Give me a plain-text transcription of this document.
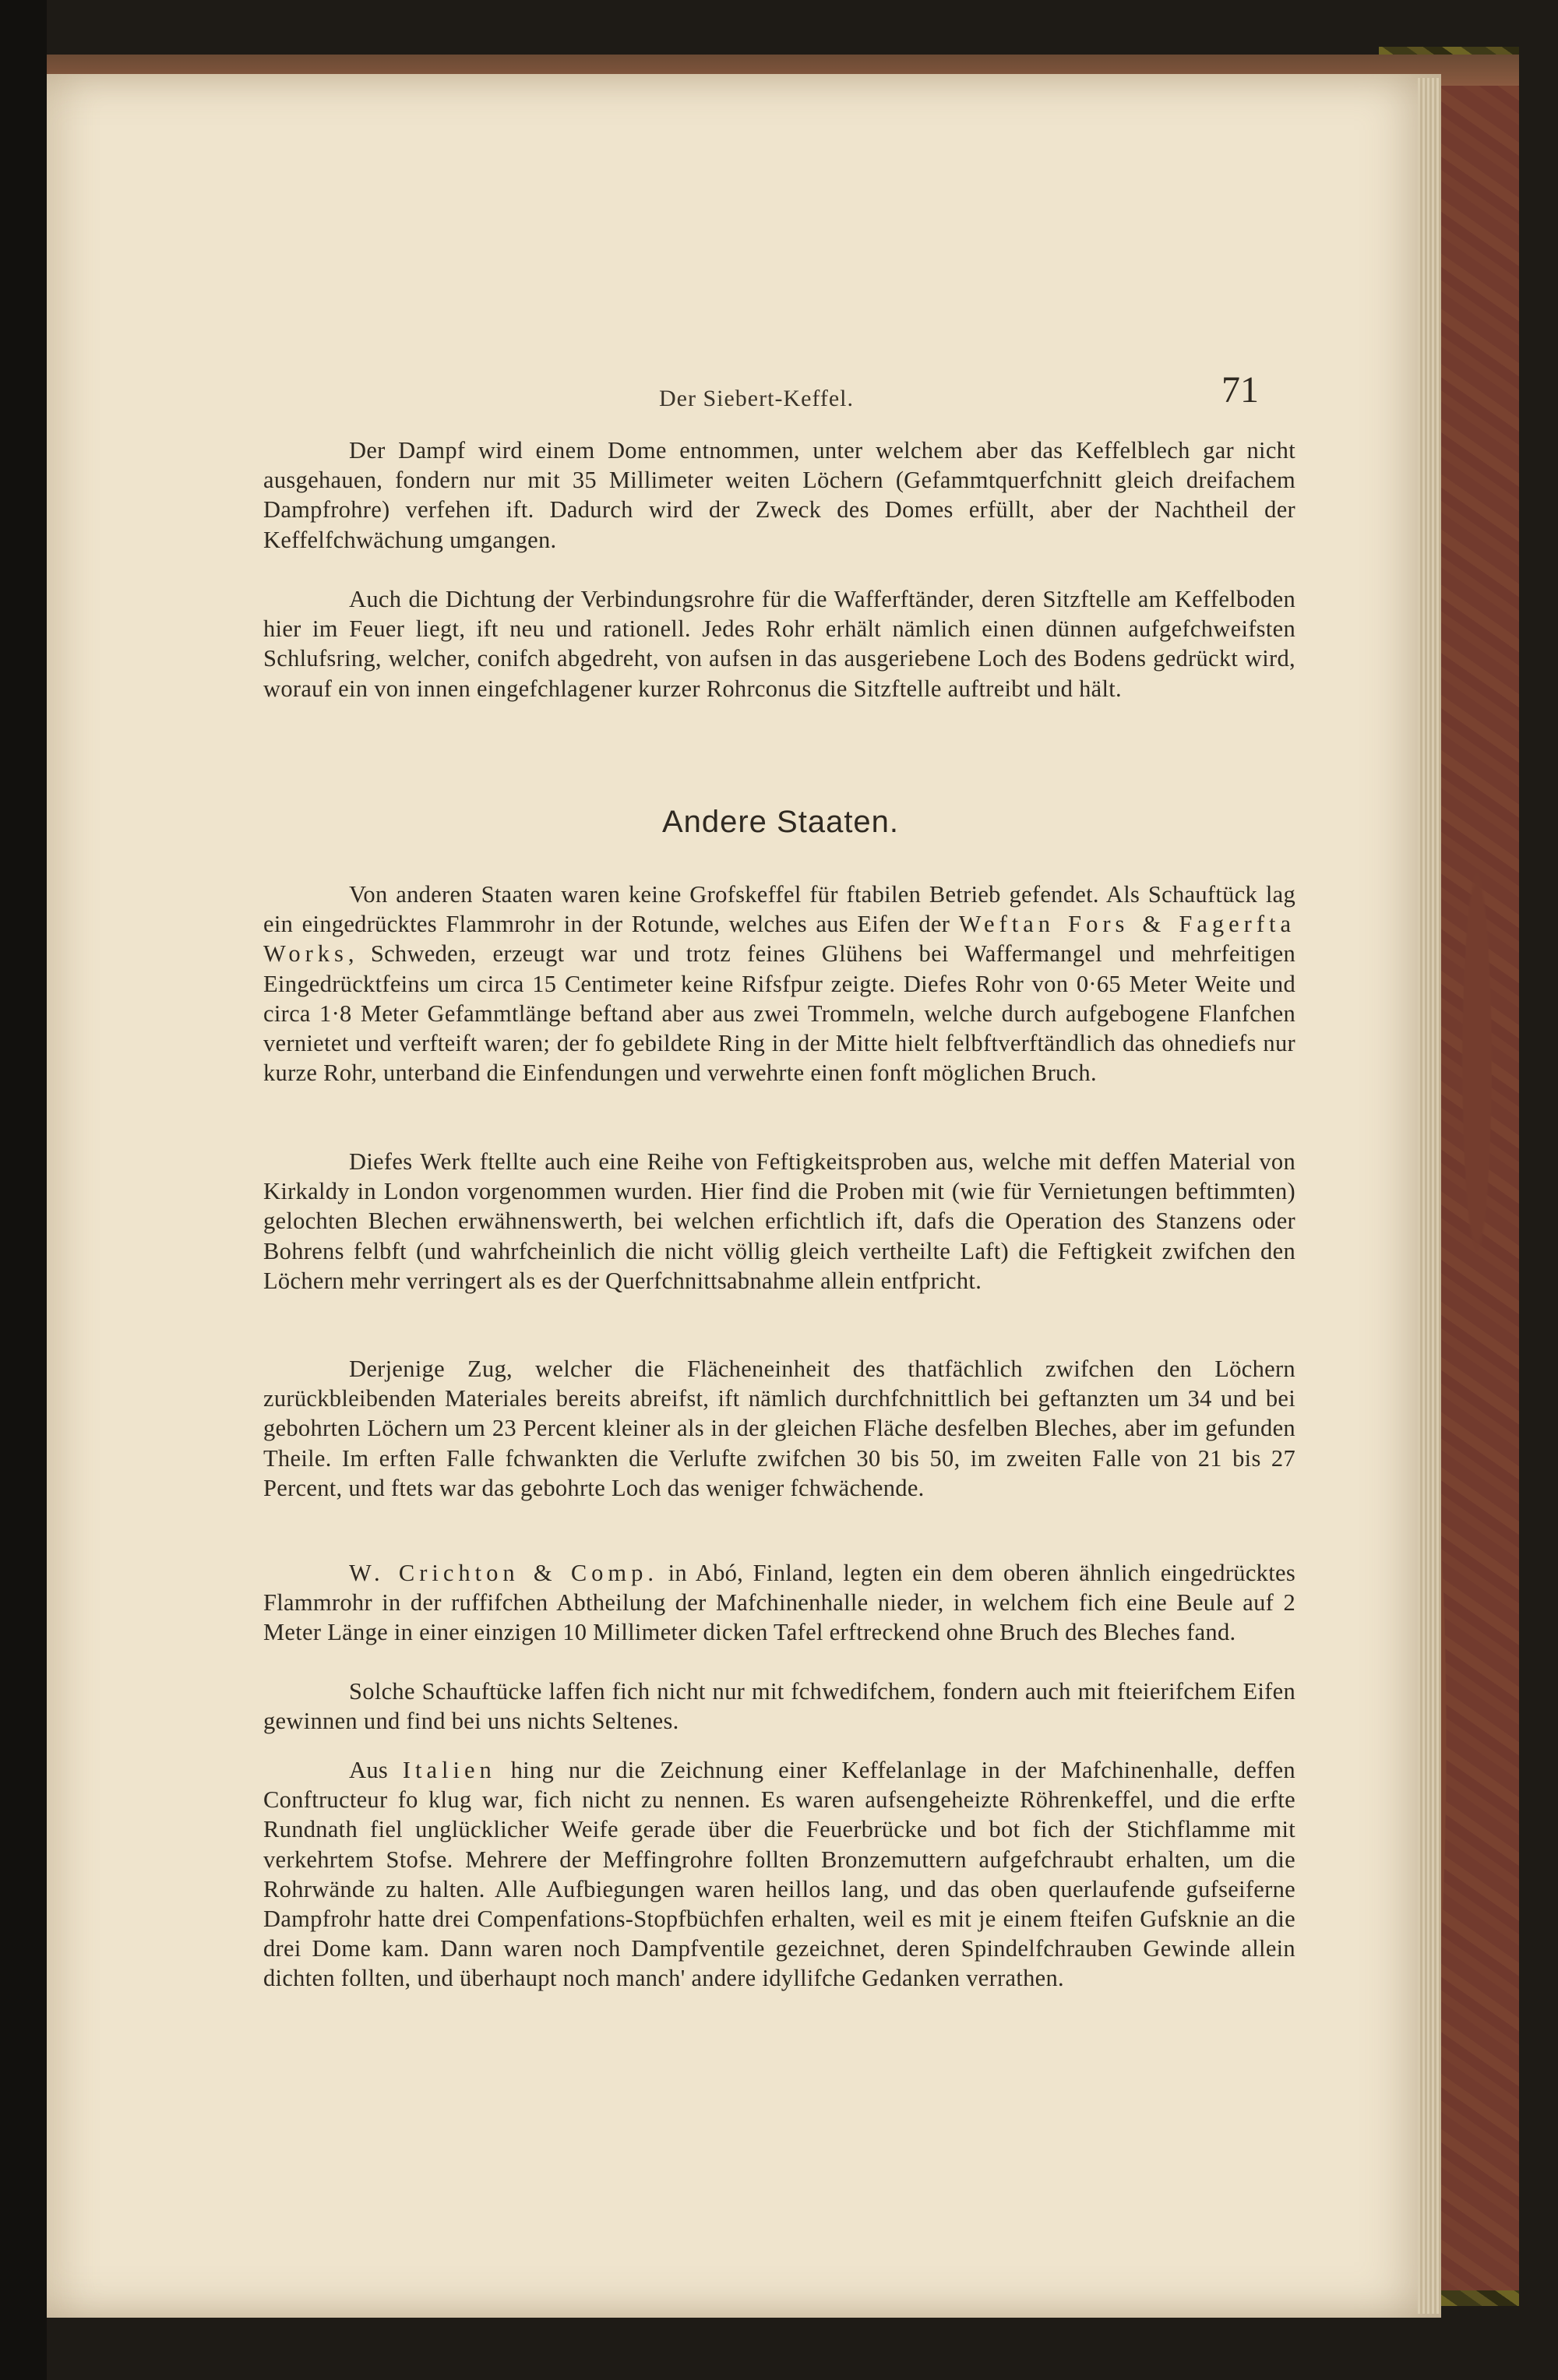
Der Siebert-Keffel.	71

Der Dampf wird einem Dome entnommen, unter welchem aber das Keffelblech gar nicht ausgehauen, fondern nur mit 35 Millimeter weiten Löchern (Gefammtquerfchnitt gleich dreifachem Dampfrohre) verfehen ift. Dadurch wird der Zweck des Domes erfüllt, aber der Nachtheil der Keffelfchwächung umgangen.

Auch die Dichtung der Verbindungsrohre für die Wafferftänder, deren Sitzftelle am Keffelboden hier im Feuer liegt, ift neu und rationell. Jedes Rohr erhält nämlich einen dünnen aufgefchweifsten Schlufsring, welcher, conifch abgedreht, von aufsen in das ausgeriebene Loch des Bodens gedrückt wird, worauf ein von innen eingefchlagener kurzer Rohrconus die Sitzftelle auftreibt und hält.

Andere Staaten.

Von anderen Staaten waren keine Grofskeffel für ftabilen Betrieb gefendet. Als Schauftück lag ein eingedrücktes Flammrohr in der Rotunde, welches aus Eifen der Weftan Fors & Fagerfta Works, Schweden, erzeugt war und trotz feines Glühens bei Waffermangel und mehrfeitigen Eingedrücktfeins um circa 15 Centimeter keine Rifsfpur zeigte. Diefes Rohr von 0·65 Meter Weite und circa 1·8 Meter Gefammtlänge beftand aber aus zwei Trommeln, welche durch aufgebogene Flanfchen vernietet und verfteift waren; der fo gebildete Ring in der Mitte hielt felbftverftändlich das ohnediefs nur kurze Rohr, unterband die Einfendungen und verwehrte einen fonft möglichen Bruch.

Diefes Werk ftellte auch eine Reihe von Feftigkeitsproben aus, welche mit deffen Material von Kirkaldy in London vorgenommen wurden. Hier find die Proben mit (wie für Vernietungen beftimmten) gelochten Blechen erwähnenswerth, bei welchen erfichtlich ift, dafs die Operation des Stanzens oder Bohrens felbft (und wahrfcheinlich die nicht völlig gleich vertheilte Laft) die Feftigkeit zwifchen den Löchern mehr verringert als es der Querfchnittsabnahme allein entfpricht.

Derjenige Zug, welcher die Flächeneinheit des thatfächlich zwifchen den Löchern zurückbleibenden Materiales bereits abreifst, ift nämlich durchfchnittlich bei geftanzten um 34 und bei gebohrten Löchern um 23 Percent kleiner als in der gleichen Fläche desfelben Bleches, aber im gefunden Theile. Im erften Falle fchwankten die Verlufte zwifchen 30 bis 50, im zweiten Falle von 21 bis 27 Percent, und ftets war das gebohrte Loch das weniger fchwächende.

W. Crichton & Comp. in Abó, Finland, legten ein dem oberen ähnlich eingedrücktes Flammrohr in der ruffifchen Abtheilung der Mafchinenhalle nieder, in welchem fich eine Beule auf 2 Meter Länge in einer einzigen 10 Millimeter dicken Tafel erftreckend ohne Bruch des Bleches fand.

Solche Schauftücke laffen fich nicht nur mit fchwedifchem, fondern auch mit fteierifchem Eifen gewinnen und find bei uns nichts Seltenes.

Aus Italien hing nur die Zeichnung einer Keffelanlage in der Mafchinenhalle, deffen Conftructeur fo klug war, fich nicht zu nennen. Es waren aufsengeheizte Röhrenkeffel, und die erfte Rundnath fiel unglücklicher Weife gerade über die Feuerbrücke und bot fich der Stichflamme mit verkehrtem Stofse. Mehrere der Meffingrohre follten Bronzemuttern aufgefchraubt erhalten, um die Rohrwände zu halten. Alle Aufbiegungen waren heillos lang, und das oben querlaufende gufseiferne Dampfrohr hatte drei Compenfations-Stopfbüchfen erhalten, weil es mit je einem fteifen Gufsknie an die drei Dome kam. Dann waren noch Dampfventile gezeichnet, deren Spindelfchrauben Gewinde allein dichten follten, und überhaupt noch manch' andere idyllifche Gedanken verrathen.
